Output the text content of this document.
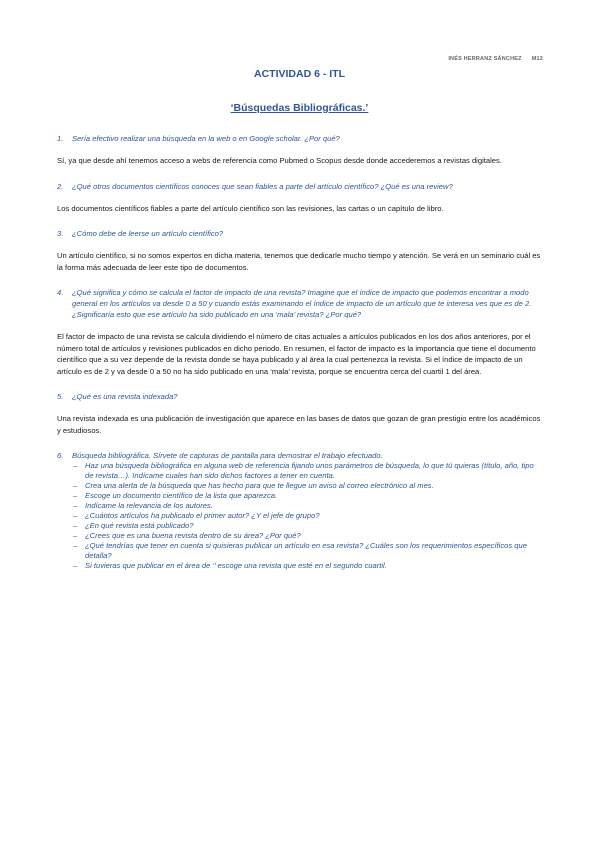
INÉS HERRANZ SÁNCHEZ M12
ACTIVIDAD 6 - ITL
‘Búsquedas Bibliográficas.’
1.	Sería efectivo realizar una búsqueda en la web o en Google scholar. ¿Por qué?
Sí, ya que desde ahí tenemos acceso a webs de referencia como Pubmed o Scopus desde donde accederemos a revistas digitales.
2.	¿Qué otros documentos científicos conoces que sean fiables a parte del artículo científico? ¿Qué es una review?
Los documentos científicos fiables a parte del artículo científico son las revisiones, las cartas o un capítulo de libro.
3.	¿Cómo debe de leerse un artículo científico?
Un artículo científico, si no somos expertos en dicha materia, tenemos que dedicarle mucho tiempo y atención. Se verá en un seminario cuál es la forma más adecuada de leer este tipo de documentos.
4.	¿Qué significa y cómo se calcula el factor de impacto de una revista? Imagine que el índice de impacto que podemos encontrar a modo general en los artículos va desde 0 a 50 y cuando estás examinando el índice de impacto de un artículo que te interesa ves que es de 2. ¿Significaría esto que ese artículo ha sido publicado en una ‘mala’ revista? ¿Por qué?
El factor de impacto de una revista se calcula dividiendo el número de citas actuales a artículos publicados en los dos años anteriores, por el número total de artículos y revisiones publicados en dicho periodo. En resumen, el factor de impacto es la importancia que tiene el documento científico que a su vez depende de la revista donde se haya publicado y al área la cual pertenezca la revista. Si el índice de impacto de un artículo es de 2 y va desde 0 a 50 no ha sido publicado en una ‘mala’ revista, porque se encuentra cerca del cuartil 1 del área.
5.	¿Qué es una revista indexada?
Una revista indexada es una publicación de investigación que aparece en las bases de datos que gozan de gran prestigio entre los académicos y estudiosos.
6.	Búsqueda bibliográfica. Sírvete de capturas de pantalla para demostrar el trabajo efectuado.
– Haz una búsqueda bibliográfica en alguna web de referencia fijando unos parámetros de búsqueda, lo que tú quieras (título, año, tipo de revista…). Indícame cuales han sido dichos factores a tener en cuenta.
– Crea una alerta de la búsqueda que has hecho para que te llegue un aviso al correo electrónico al mes.
– Escoge un documento científico de la lista que aparezca.
– Indícame la relevancia de los autores.
– ¿Cuántos artículos ha publicado el primer autor? ¿Y el jefe de grupo?
– ¿En qué revista está publicado?
– ¿Crees que es una buena revista dentro de su área? ¿Por qué?
– ¿Qué tendrías que tener en cuenta si quisieras publicar un artículo en esa revista? ¿Cuáles son los requerimientos específicos que detalla?
– Si tuvieras que publicar en el área de ‘’ escoge una revista que esté en el segundo cuartil.
